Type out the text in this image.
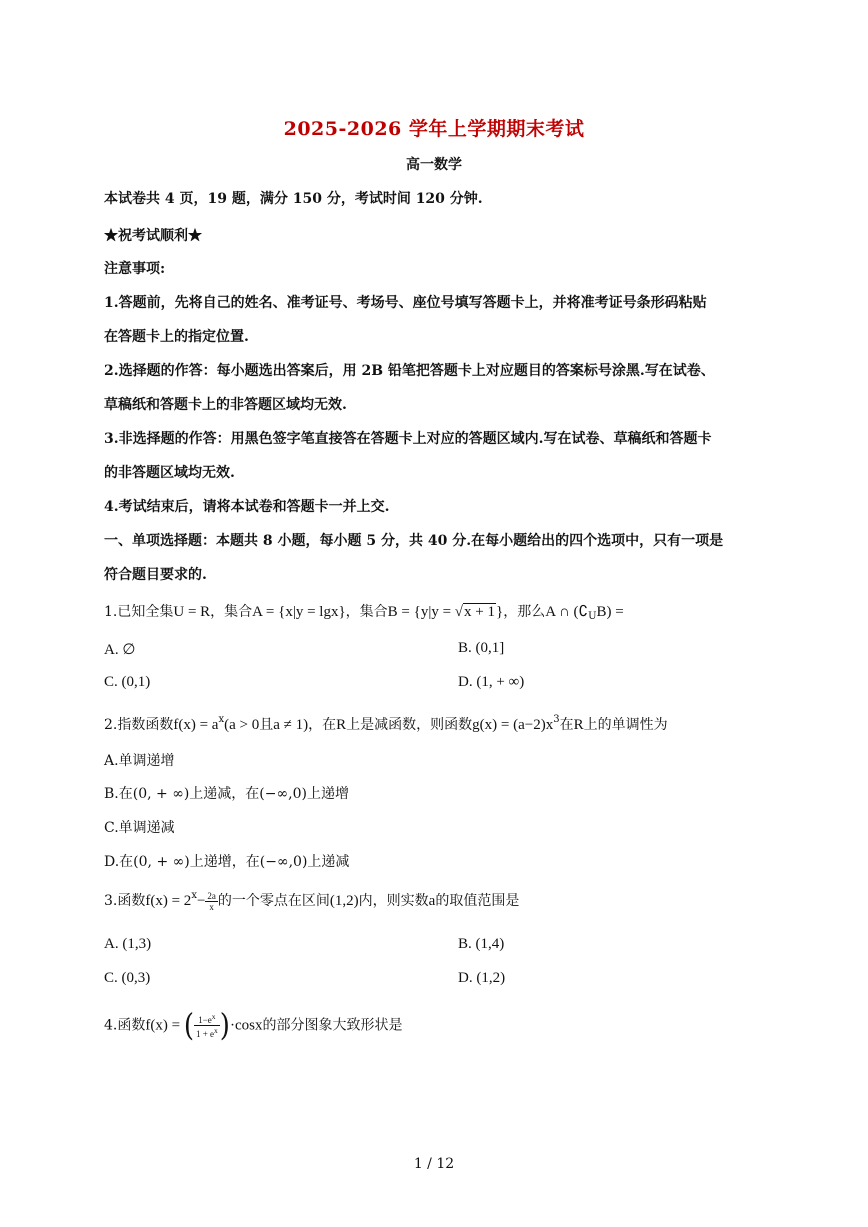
2025-2026 学年上学期期末考试
高一数学
本试卷共 4 页，19 题，满分 150 分，考试时间 120 分钟.
★祝考试顺利★
注意事项:
1.答题前，先将自己的姓名、准考证号、考场号、座位号填写答题卡上，并将准考证号条形码粘贴
在答题卡上的指定位置.
2.选择题的作答：每小题选出答案后，用 2B 铅笔把答题卡上对应题目的答案标号涂黑.写在试卷、
草稿纸和答题卡上的非答题区域均无效.
3.非选择题的作答：用黑色签字笔直接答在答题卡上对应的答题区域内.写在试卷、草稿纸和答题卡
的非答题区域均无效.
4.考试结束后，请将本试卷和答题卡一并上交.
一、单项选择题：本题共 8 小题，每小题 5 分，共 40 分.在每小题给出的四个选项中，只有一项是
符合题目要求的.
1.已知全集U = R，集合A = {x|y = lgx}，集合B = {y|y = √x + 1}，那么A ∩ $(∁_UB)$ =
A. ∅	B. (0,1]
C. (0,1)	D. (1, + ∞)
2.指数函数$f(x) = a^x(a > 0$且a ≠ 1)，在R上是减函数，则函数$g(x) = (a-2)x^3$在R上的单调性为
A.单调递增
B.在(0, + ∞)上递减，在(−∞,0)上递增
C.单调递减
D.在(0, + ∞)上递增，在(−∞,0)上递减
3.函数$f(x) = 2^x- \frac{2a}{x}$ 的一个零点在区间(1,2)内，则实数a的取值范围是
A. (1,3)	B. (1,4)
C. (0,3)	D. (1,2)
4.函数f(x) = ( $\frac{1-e^x}{1 + e^x} )\cdot\cos x$的部分图象大致形状是
1 / 12
